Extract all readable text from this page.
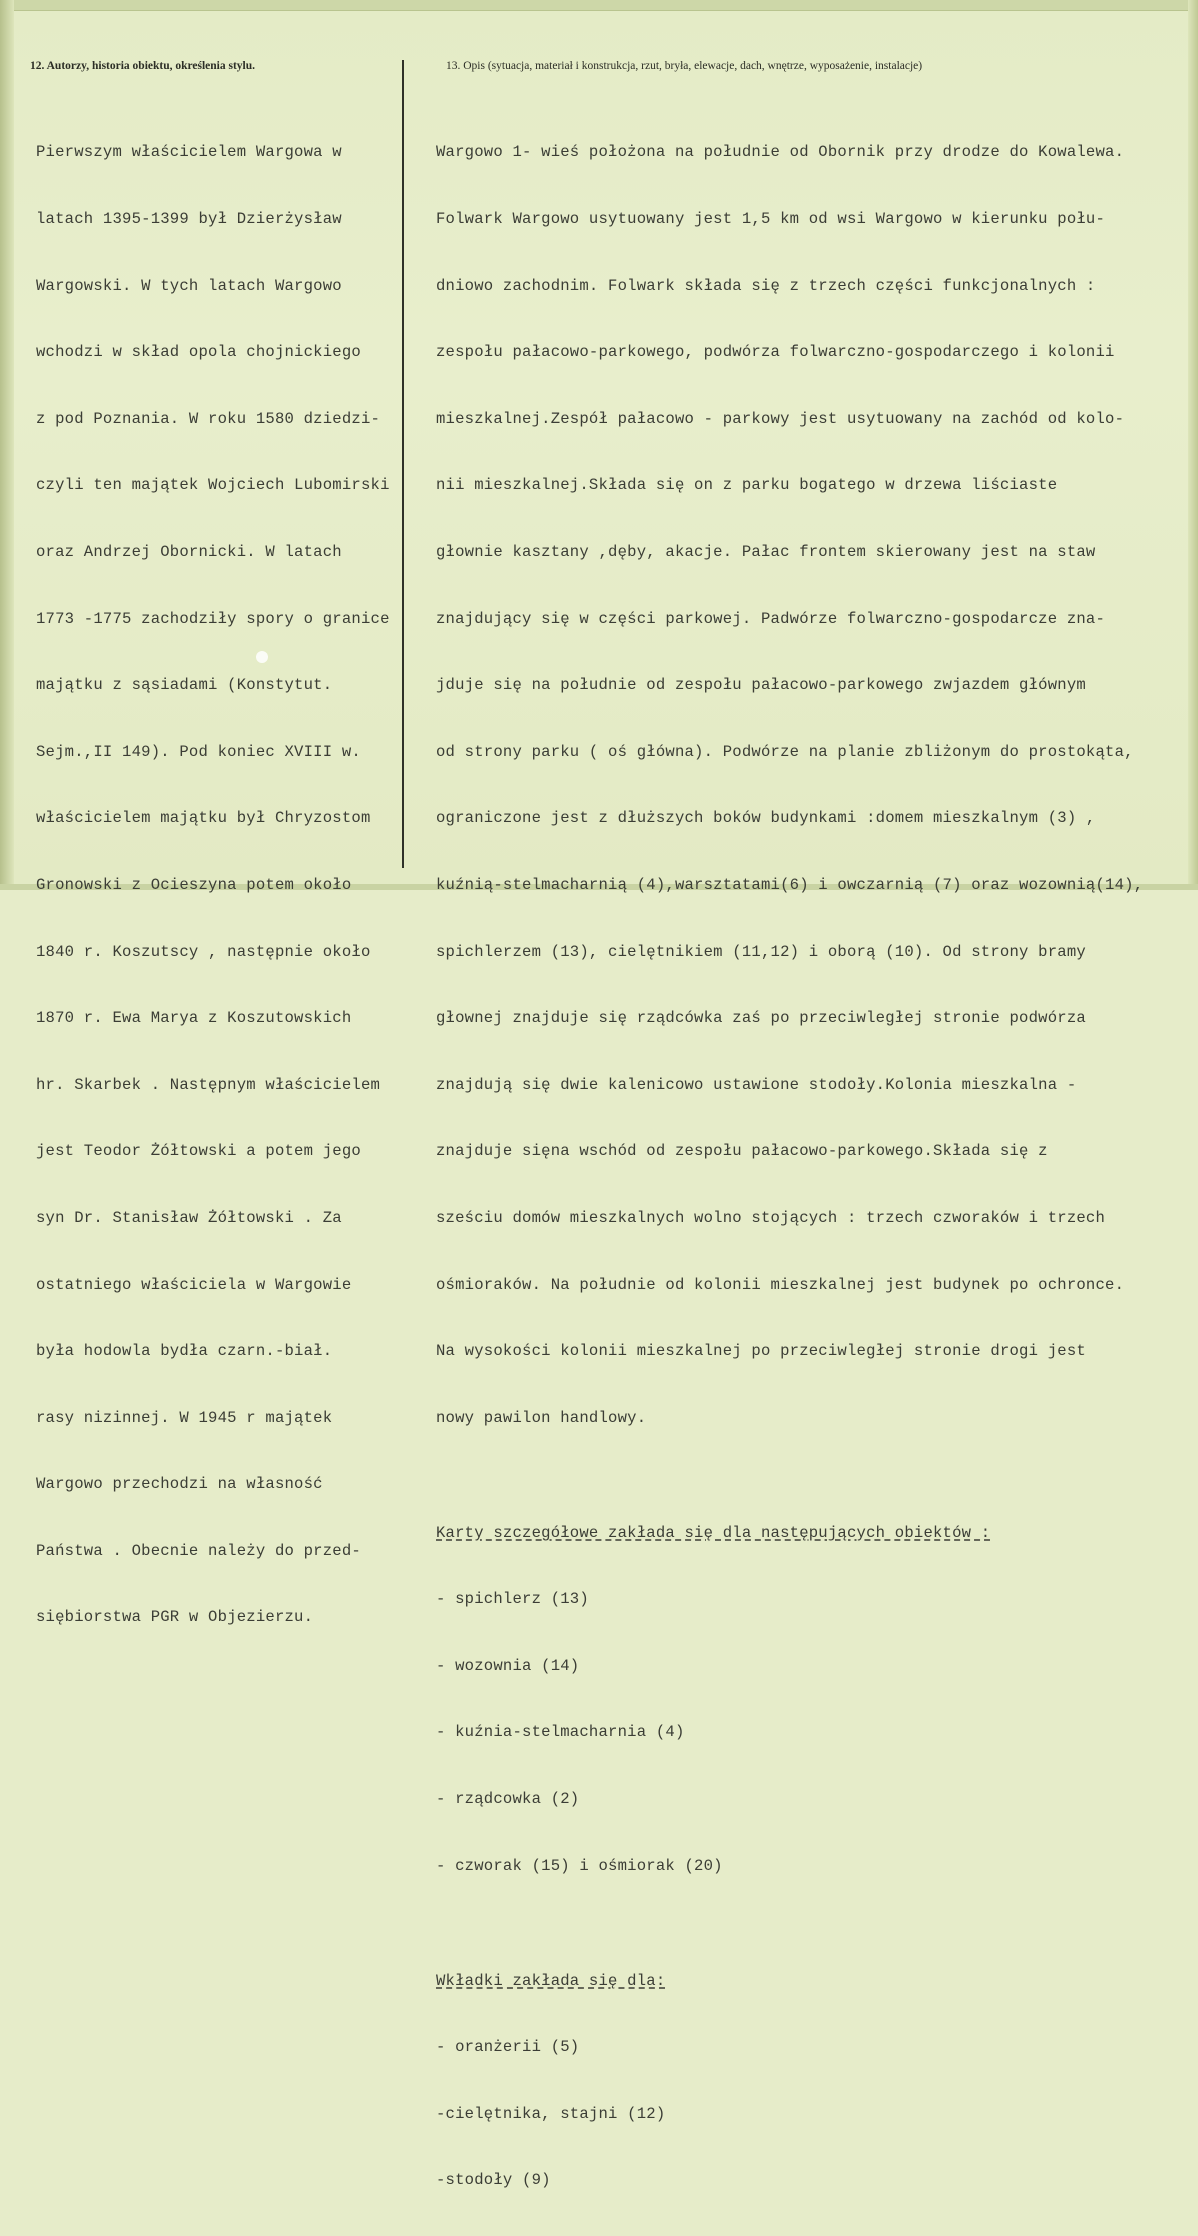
12. Autorzy, historia obiektu, określenia stylu.	13. Opis (sytuacja, materiał i konstrukcja, rzut, bryła, elewacje, dach, wnętrze, wyposażenie, instalacje)

Pierwszym właścicielem Wargowa w

latach 1395-1399 był Dzierżysław

Wargowski. W tych latach Wargowo

wchodzi w skład opola chojnickiego

z pod Poznania. W roku 1580 dziedzi-

czyli ten majątek Wojciech Lubomirski

oraz Andrzej Obornicki. W latach

1773 -1775 zachodziły spory o granice

majątku z sąsiadami (Konstytut.

Sejm.,II 149). Pod koniec XVIII w.

właścicielem majątku był Chryzostom

Gronowski z Ocieszyna potem około

1840 r. Koszutscy , następnie około

1870 r. Ewa Marya z Koszutowskich

hr. Skarbek . Następnym właścicielem

jest Teodor Żółtowski a potem jego

syn Dr. Stanisław Żółtowski . Za

ostatniego właściciela w Wargowie

była hodowla bydła czarn.-biał.

rasy nizinnej. W 1945 r majątek

Wargowo przechodzi na własność

Państwa . Obecnie należy do przed-

siębiorstwa PGR w Objezierzu.

Wargowo 1- wieś położona na południe od Obornik przy drodze do Kowalewa.

Folwark Wargowo usytuowany jest 1,5 km od wsi Wargowo w kierunku połu-

dniowo zachodnim. Folwark składa się z trzech części funkcjonalnych :

zespołu pałacowo-parkowego, podwórza folwarczno-gospodarczego i kolonii

mieszkalnej.Zespół pałacowo - parkowy jest usytuowany na zachód od kolo-

nii mieszkalnej.Składa się on z parku bogatego w drzewa liściaste

głownie kasztany ,dęby, akacje. Pałac frontem skierowany jest na staw

znajdujący się w części parkowej. Padwórze folwarczno-gospodarcze zna-

jduje się na południe od zespołu pałacowo-parkowego zwjazdem głównym

od strony parku ( oś główna). Podwórze na planie zbliżonym do prostokąta,

ograniczone jest z dłuższych boków budynkami :domem mieszkalnym (3) ,

kuźnią-stelmacharnią (4),warsztatami(6) i owczarnią (7) oraz wozownią(14),

spichlerzem (13), cielętnikiem (11,12) i oborą (10). Od strony bramy

głownej znajduje się rządcówka zaś po przeciwległej stronie podwórza

znajdują się dwie kalenicowo ustawione stodoły.Kolonia mieszkalna -

znajduje sięna wschód od zespołu pałacowo-parkowego.Składa się z

sześciu domów mieszkalnych wolno stojących : trzech czworaków i trzech

ośmioraków. Na południe od kolonii mieszkalnej jest budynek po ochronce.

Na wysokości kolonii mieszkalnej po przeciwległej stronie drogi jest

nowy pawilon handlowy.

Karty szczegółowe zakłada się dla następujących obiektów :

- spichlerz (13)

- wozownia (14)

- kuźnia-stelmacharnia (4)

- rządcowka (2)

- czworak (15) i ośmiorak (20)

Wkładki zakłada się dla:

- oranżerii (5)

-cielętnika, stajni (12)

-stodoły (9)
